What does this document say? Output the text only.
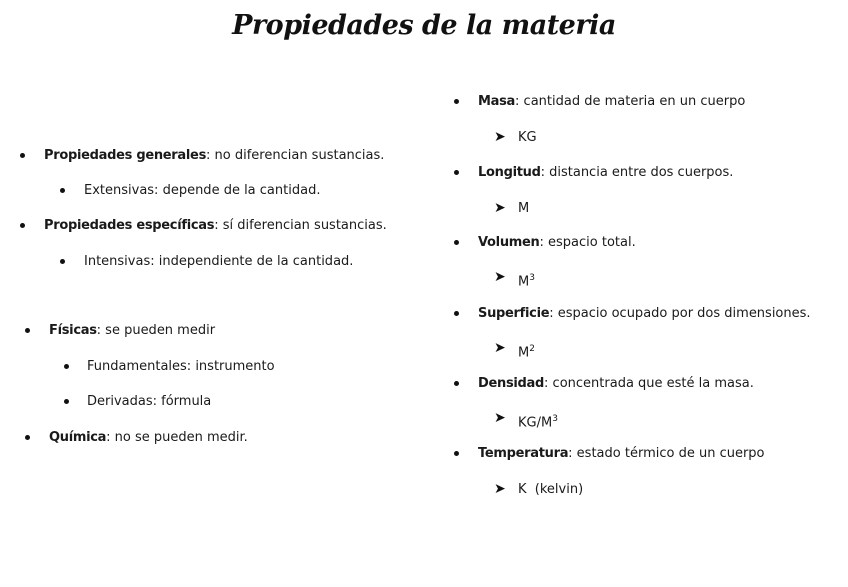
Propiedades de la materia
Propiedades generales: no diferencian sustancias.
Extensivas: depende de la cantidad.
Propiedades específicas: sí diferencian sustancias.
Intensivas: independiente de la cantidad.
Físicas: se pueden medir
Fundamentales: instrumento
Derivadas: fórmula
Química: no se pueden medir.
Masa: cantidad de materia en un cuerpo
➤ KG
Longitud: distancia entre dos cuerpos.
➤ M
Volumen: espacio total.
➤ $M^3$
Superficie: espacio ocupado por dos dimensiones.
➤ $M^2$
Densidad: concentrada que esté la masa.
➤ $KG/M^3$
Temperatura: estado térmico de un cuerpo
➤ K  (kelvin)
